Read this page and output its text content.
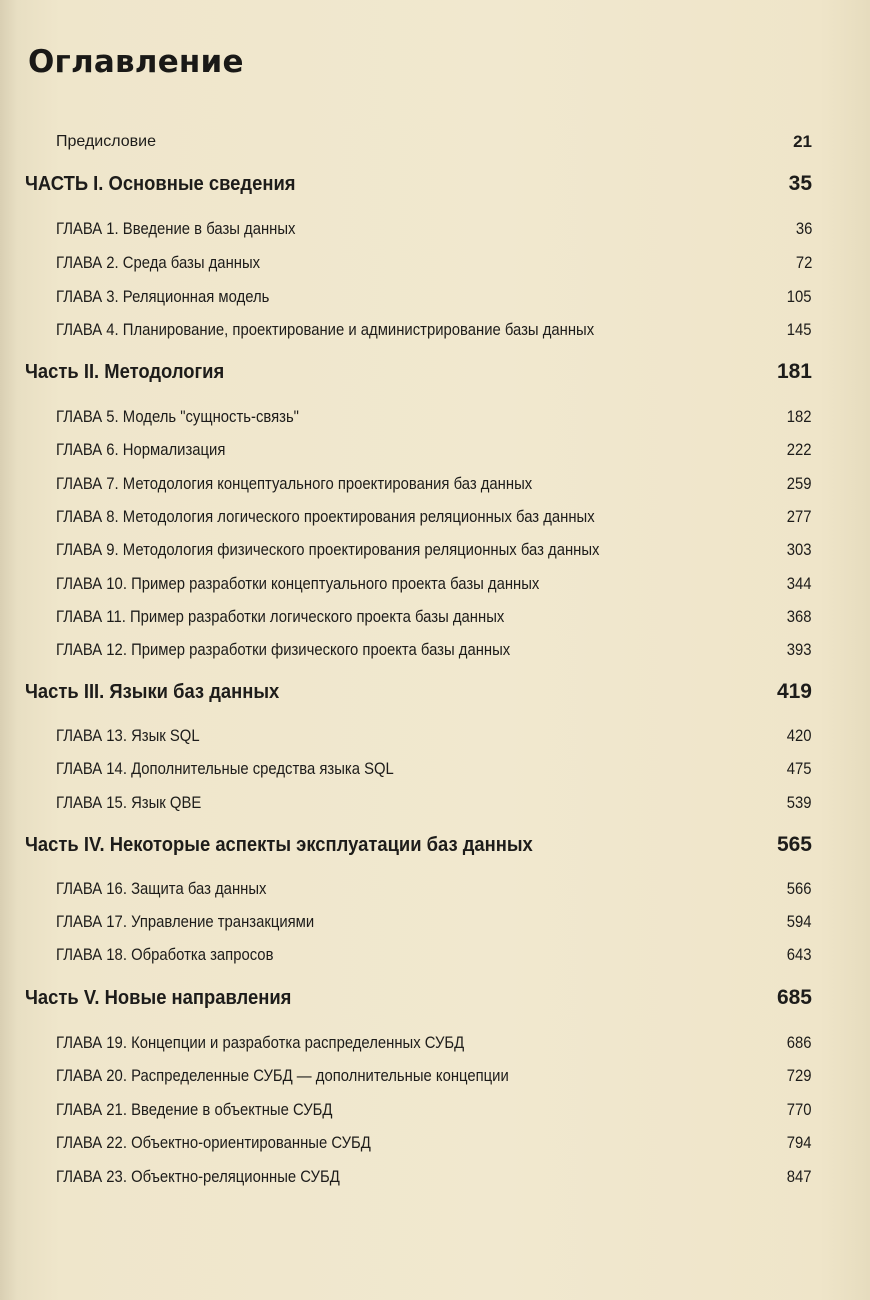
Оглавление
Предисловие	21
ЧАСТЬ I. Основные сведения	35
ГЛАВА 1. Введение в базы данных	36
ГЛАВА 2. Среда базы данных	72
ГЛАВА 3. Реляционная модель	105
ГЛАВА 4. Планирование, проектирование и администрирование базы данных	145
Часть II. Методология	181
ГЛАВА 5. Модель "сущность-связь"	182
ГЛАВА 6. Нормализация	222
ГЛАВА 7. Методология концептуального проектирования баз данных	259
ГЛАВА 8. Методология логического проектирования реляционных баз данных	277
ГЛАВА 9. Методология физического проектирования реляционных баз данных	303
ГЛАВА 10. Пример разработки концептуального проекта базы данных	344
ГЛАВА 11. Пример разработки логического проекта базы данных	368
ГЛАВА 12. Пример разработки физического проекта базы данных	393
Часть III. Языки баз данных	419
ГЛАВА 13. Язык SQL	420
ГЛАВА 14. Дополнительные средства языка SQL	475
ГЛАВА 15. Язык QBE	539
Часть IV. Некоторые аспекты эксплуатации баз данных	565
ГЛАВА 16. Защита баз данных	566
ГЛАВА 17. Управление транзакциями	594
ГЛАВА 18. Обработка запросов	643
Часть V. Новые направления	685
ГЛАВА 19. Концепции и разработка распределенных СУБД	686
ГЛАВА 20. Распределенные СУБД — дополнительные концепции	729
ГЛАВА 21. Введение в объектные СУБД	770
ГЛАВА 22. Объектно-ориентированные СУБД	794
ГЛАВА 23. Объектно-реляционные СУБД	847
